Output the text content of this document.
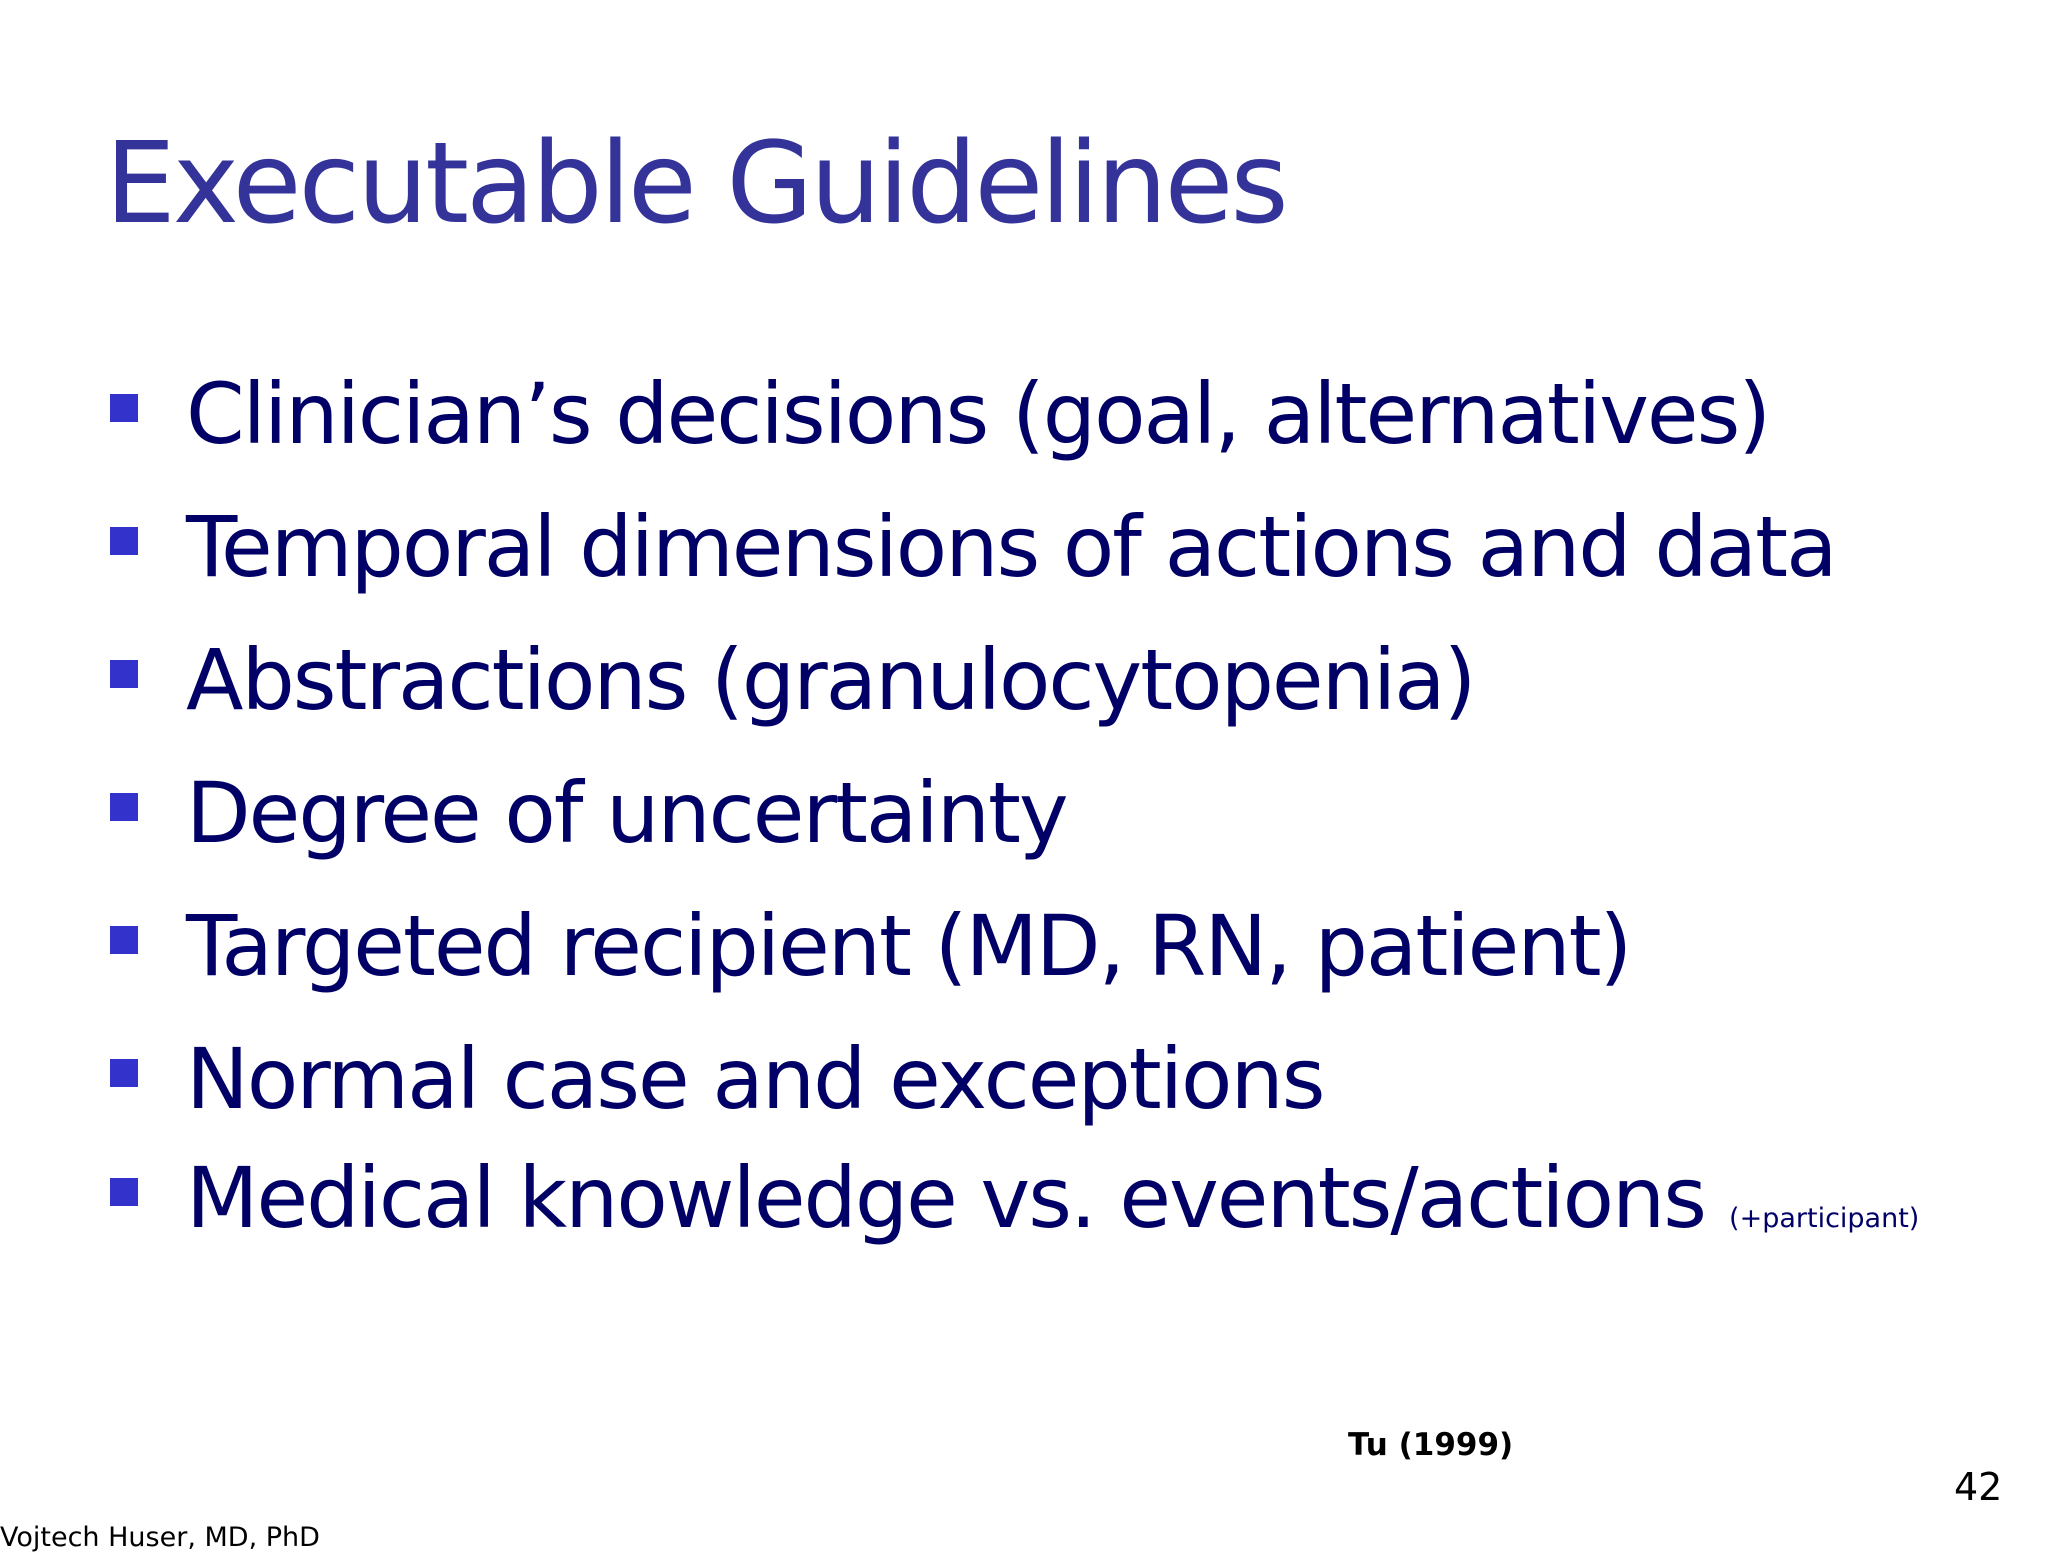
Executable Guidelines
Clinician’s decisions (goal, alternatives)
Temporal dimensions of actions and data
Abstractions (granulocytopenia)
Degree of uncertainty
Targeted recipient (MD, RN, patient)
Normal case and exceptions
Medical knowledge vs. events/actions (+participant)
Tu (1999)
42
Vojtech Huser, MD, PhD
